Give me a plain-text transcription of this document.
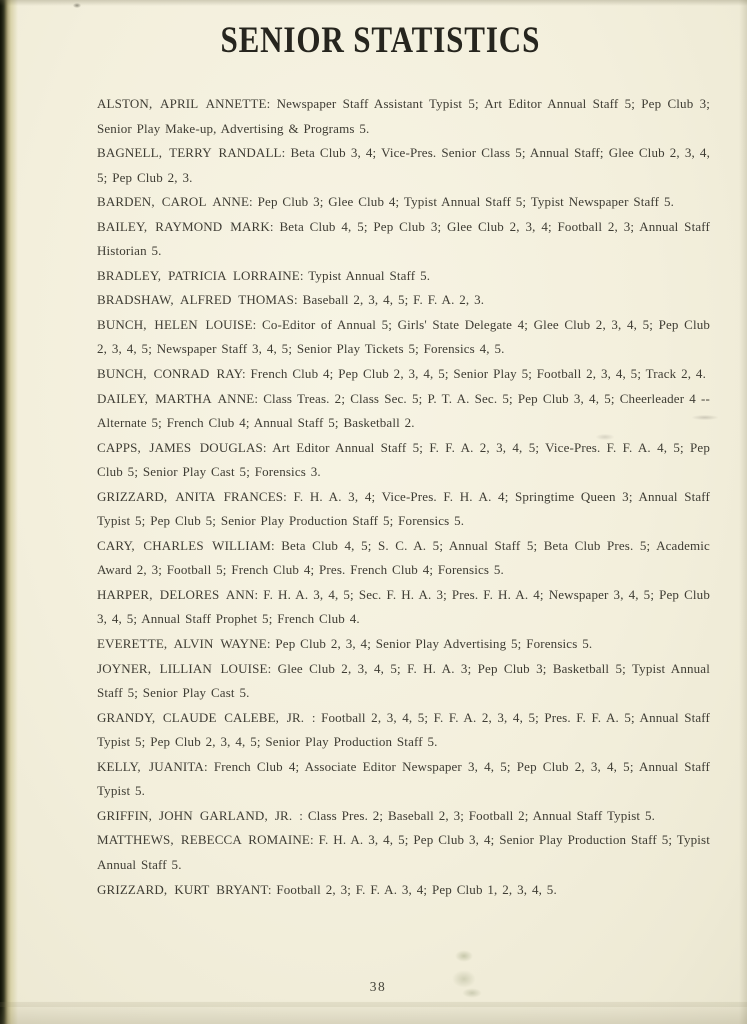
SENIOR STATISTICS

ALSTON, APRIL ANNETTE: Newspaper Staff Assistant Typist 5; Art Editor Annual Staff 5; Pep Club 3; Senior Play Make-up, Advertising & Programs 5.

BAGNELL, TERRY RANDALL: Beta Club 3, 4; Vice-Pres. Senior Class 5; Annual Staff; Glee Club 2, 3, 4, 5; Pep Club 2, 3.

BARDEN, CAROL ANNE: Pep Club 3; Glee Club 4; Typist Annual Staff 5; Typist Newspaper Staff 5.

BAILEY, RAYMOND MARK: Beta Club 4, 5; Pep Club 3; Glee Club 2, 3, 4; Football 2, 3; Annual Staff Historian 5.

BRADLEY, PATRICIA LORRAINE: Typist Annual Staff 5.

BRADSHAW, ALFRED THOMAS: Baseball 2, 3, 4, 5; F. F. A. 2, 3.

BUNCH, HELEN LOUISE: Co-Editor of Annual 5; Girls' State Delegate 4; Glee Club 2, 3, 4, 5; Pep Club 2, 3, 4, 5; Newspaper Staff 3, 4, 5; Senior Play Tickets 5; Forensics 4, 5.

BUNCH, CONRAD RAY: French Club 4; Pep Club 2, 3, 4, 5; Senior Play 5; Football 2, 3, 4, 5; Track 2, 4.

DAILEY, MARTHA ANNE: Class Treas. 2; Class Sec. 5; P. T. A. Sec. 5; Pep Club 3, 4, 5; Cheerleader 4 -- Alternate 5; French Club 4; Annual Staff 5; Basketball 2.

CAPPS, JAMES DOUGLAS: Art Editor Annual Staff 5; F. F. A. 2, 3, 4, 5; Vice-Pres. F. F. A. 4, 5; Pep Club 5; Senior Play Cast 5; Forensics 3.

GRIZZARD, ANITA FRANCES: F. H. A. 3, 4; Vice-Pres. F. H. A. 4; Springtime Queen 3; Annual Staff Typist 5; Pep Club 5; Senior Play Production Staff 5; Forensics 5.

CARY, CHARLES WILLIAM: Beta Club 4, 5; S. C. A. 5; Annual Staff 5; Beta Club Pres. 5; Academic Award 2, 3; Football 5; French Club 4; Pres. French Club 4; Forensics 5.

HARPER, DELORES ANN: F. H. A. 3, 4, 5; Sec. F. H. A. 3; Pres. F. H. A. 4; Newspaper 3, 4, 5; Pep Club 3, 4, 5; Annual Staff Prophet 5; French Club 4.

EVERETTE, ALVIN WAYNE: Pep Club 2, 3, 4; Senior Play Advertising 5; Forensics 5.

JOYNER, LILLIAN LOUISE: Glee Club 2, 3, 4, 5; F. H. A. 3; Pep Club 3; Basketball 5; Typist Annual Staff 5; Senior Play Cast 5.

GRANDY, CLAUDE CALEBE, JR. : Football 2, 3, 4, 5; F. F. A. 2, 3, 4, 5; Pres. F. F. A. 5; Annual Staff Typist 5; Pep Club 2, 3, 4, 5; Senior Play Production Staff 5.

KELLY, JUANITA: French Club 4; Associate Editor Newspaper 3, 4, 5; Pep Club 2, 3, 4, 5; Annual Staff Typist 5.

GRIFFIN, JOHN GARLAND, JR. : Class Pres. 2; Baseball 2, 3; Football 2; Annual Staff Typist 5.

MATTHEWS, REBECCA ROMAINE: F. H. A. 3, 4, 5; Pep Club 3, 4; Senior Play Production Staff 5; Typist Annual Staff 5.

GRIZZARD, KURT BRYANT: Football 2, 3; F. F. A. 3, 4; Pep Club 1, 2, 3, 4, 5.

38
